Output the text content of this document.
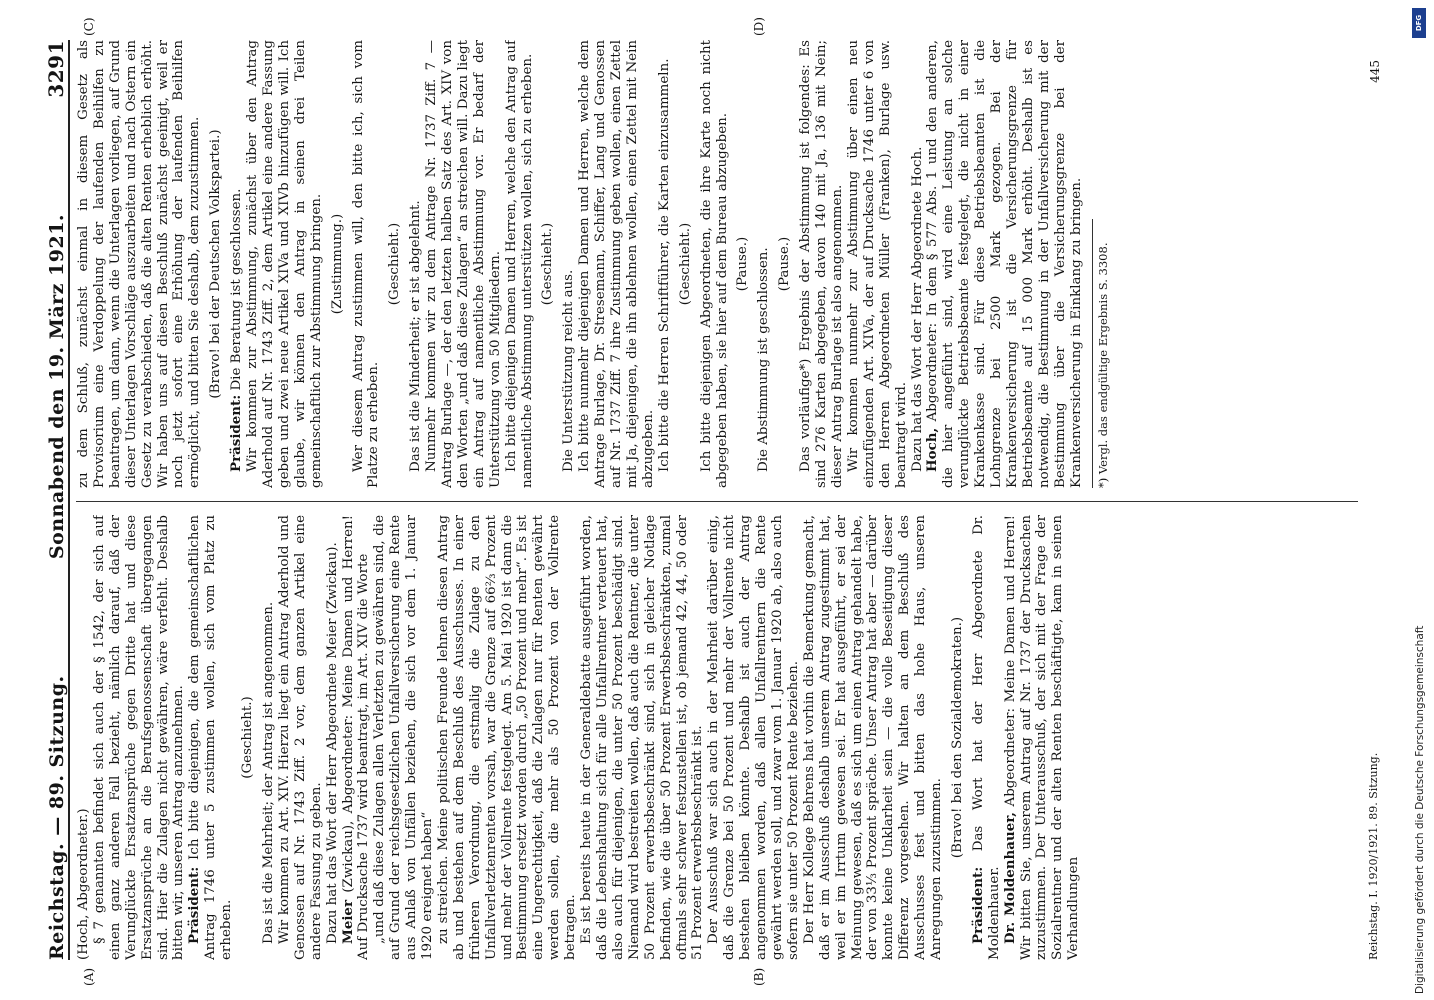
Reichstag. — 89. Sitzung.
Sonnabend den 19. März 1921.
3291
(A)	(B)
(C)	(D)

(Hoch, Abgeordneter.) § 7 genannten befindet sich auch der § 1542, der sich auf einen ganz anderen Fall bezieht, nämlich darauf, daß der Verunglückte Ersatzansprüche gegen Dritte hat und diese Ersatzansprüche an die Berufsgenossenschaft übergegangen sind. Hier die Zulagen nicht gewähren, wäre verfehlt. Deshalb bitten wir, unseren Antrag anzunehmen. Präsident: Ich bitte diejenigen, die dem gemeinschaftlichen Antrag 1746 unter 5 zustimmen wollen, sich vom Platz zu erheben.

(Geschieht.) Das ist die Mehrheit; der Antrag ist angenommen. Wir kommen zu Art. XIV. Hierzu liegt ein Antrag Aderhold und Genossen auf Nr. 1743 Ziff. 2 vor, dem ganzen Artikel eine andere Fassung zu geben. Dazu hat das Wort der Herr Abgeordnete Meier (Zwickau). Meier (Zwickau), Abgeordneter: Meine Damen und Herren! Auf Drucksache 1737 wird beantragt, im Art. XIV die Worte „und daß diese Zulagen allen Verletzten zu gewähren sind, die auf Grund der reichsgesetzlichen Unfallversicherung eine Rente aus Anlaß von Unfällen beziehen, die sich vor dem 1. Januar 1920 ereignet haben“ zu streichen. Meine politischen Freunde lehnen diesen Antrag ab und bestehen auf dem Beschluß des Ausschusses. In einer früheren Verordnung, die erstmalig die Zulage zu den Unfallverletztenrenten vorsah, war die Grenze auf 66⅔ Prozent und mehr der Vollrente festgelegt. Am 5. Mai 1920 ist dann die Bestimmung ersetzt worden durch „50 Prozent und mehr“. Es ist eine Ungerechtigkeit, daß die Zulagen nur für Renten gewährt werden sollen, die mehr als 50 Prozent von der Vollrente betragen. Es ist bereits heute in der Generaldebatte ausgeführt worden, daß die Lebenshaltung sich für alle Unfallrentner verteuert hat, also auch für diejenigen, die unter 50 Prozent beschädigt sind. Niemand wird bestreiten wollen, daß auch die Rentner, die unter 50 Prozent erwerbsbeschränkt sind, sich in gleicher Notlage befinden, wie die über 50 Prozent Erwerbsbeschränkten, zumal oftmals sehr schwer festzustellen ist, ob jemand 42, 44, 50 oder 51 Prozent erwerbsbeschränkt ist. Der Ausschuß war sich auch in der Mehrheit darüber einig, daß die Grenze bei 50 Prozent und mehr der Vollrente nicht bestehen bleiben könnte. Deshalb ist auch der Antrag angenommen worden, daß allen Unfallrentnern die Rente gewährt werden soll, und zwar vom 1. Januar 1920 ab, also auch sofern sie unter 50 Prozent Rente beziehen. Der Herr Kollege Behrens hat vorhin die Bemerkung gemacht, daß er im Ausschuß deshalb unserem Antrag zugestimmt hat, weil er im Irrtum gewesen sei. Er hat ausgeführt, er sei der Meinung gewesen, daß es sich um einen Antrag gehandelt habe, der von 33⅓ Prozent spräche. Unser Antrag hat aber — darüber konnte keine Unklarheit sein — die volle Beseitigung dieser Differenz vorgesehen. Wir halten an dem Beschluß des Ausschusses fest und bitten das hohe Haus, unseren Anregungen zuzustimmen.

(Bravo! bei den Sozialdemokraten.)

Präsident: Das Wort hat der Herr Abgeordnete Dr. Moldenhauer. Dr. Moldenhauer, Abgeordneter: Meine Damen und Herren! Wir bitten Sie, unserem Antrag auf Nr. 1737 der Drucksachen zuzustimmen. Der Unterausschuß, der sich mit der Frage der Sozialrentner und der alten Renten beschäftigte, kam in seinen Verhandlungen

zu dem Schluß, zunächst einmal in diesem Gesetz als Provisorium eine Verdoppelung der laufenden Beihilfen zu beantragen, um dann, wenn die Unterlagen vorliegen, auf Grund dieser Unterlagen Vorschläge auszuarbeiten und nach Ostern ein Gesetz zu verabschieden, daß die alten Renten erheblich erhöht. Wir haben uns auf diesen Beschluß zunächst geeinigt, weil er noch jetzt sofort eine Erhöhung der laufenden Beihilfen ermöglicht, und bitten Sie deshalb, dem zuzustimmen. (Bravo! bei der Deutschen Volkspartei.)

Präsident: Die Beratung ist geschlossen. Wir kommen zur Abstimmung, zunächst über den Antrag Aderhold auf Nr. 1743 Ziff. 2, dem Artikel eine andere Fassung geben und zwei neue Artikel XIVa und XIVb hinzufügen will. Ich glaube, wir können den Antrag in seinen drei Teilen gemeinschaftlich zur Abstimmung bringen. (Zustimmung.) Wer diesem Antrag zustimmen will, den bitte ich, sich vom Platze zu erheben.

(Geschieht.) Das ist die Minderheit; er ist abgelehnt. Nunmehr kommen wir zu dem Antrage Nr. 1737 Ziff. 7 — Antrag Burlage —, der den letzten halben Satz des Art. XIV von den Worten „und daß diese Zulagen“ an streichen will. Dazu liegt ein Antrag auf namentliche Abstimmung vor. Er bedarf der Unterstützung von 50 Mitgliedern. Ich bitte diejenigen Damen und Herren, welche den Antrag auf namentliche Abstimmung unterstützen wollen, sich zu erheben. (Geschieht.)

Die Unterstützung reicht aus. Ich bitte nunmehr diejenigen Damen und Herren, welche dem Antrage Burlage, Dr. Stresemann, Schiffer, Lang und Genossen auf Nr. 1737 Ziff. 7 ihre Zustimmung geben wollen, einen Zettel mit Ja, diejenigen, die ihn ablehnen wollen, einen Zettel mit Nein abzugeben. Ich bitte die Herren Schriftführer, die Karten einzusammeln. (Geschieht.) Ich bitte diejenigen Abgeordneten, die ihre Karte noch nicht abgegeben haben, sie hier auf dem Bureau abzugeben. (Pause.) Die Abstimmung ist geschlossen. (Pause.) Das vorläufige*) Ergebnis der Abstimmung ist folgendes: Es sind 276 Karten abgegeben, davon 140 mit Ja, 136 mit Nein; dieser Antrag Burlage ist also angenommen. Wir kommen nunmehr zur Abstimmung über einen neu einzufügenden Art. XIVa, der auf Drucksache 1746 unter 6 von den Herren Abgeordneten Müller (Franken), Burlage usw. beantragt wird. Dazu hat das Wort der Herr Abgeordnete Hoch. Hoch, Abgeordneter: In dem § 577 Abs. 1 und den anderen, die hier angeführt sind, wird eine Leistung an solche verunglückte Betriebsbeamte festgelegt, die nicht in einer Krankenkasse sind. Für diese Betriebsbeamten ist die Lohngrenze bei 2500 Mark gezogen. Bei der Krankenversicherung ist die Versicherungsgrenze für Betriebsbeamte auf 15 000 Mark erhöht. Deshalb ist es notwendig, die Bestimmung in der Unfallversicherung mit der Bestimmung über die Versicherungsgrenze bei der Krankenversicherung in Einklang zu bringen.	*) Vergl. das endgültige Ergebnis S. 3308.
Reichstag. I. 1920/1921. 89. Sitzung.
445
DFG
Digitalisierung gefördert durch die Deutsche Forschungsgemeinschaft
